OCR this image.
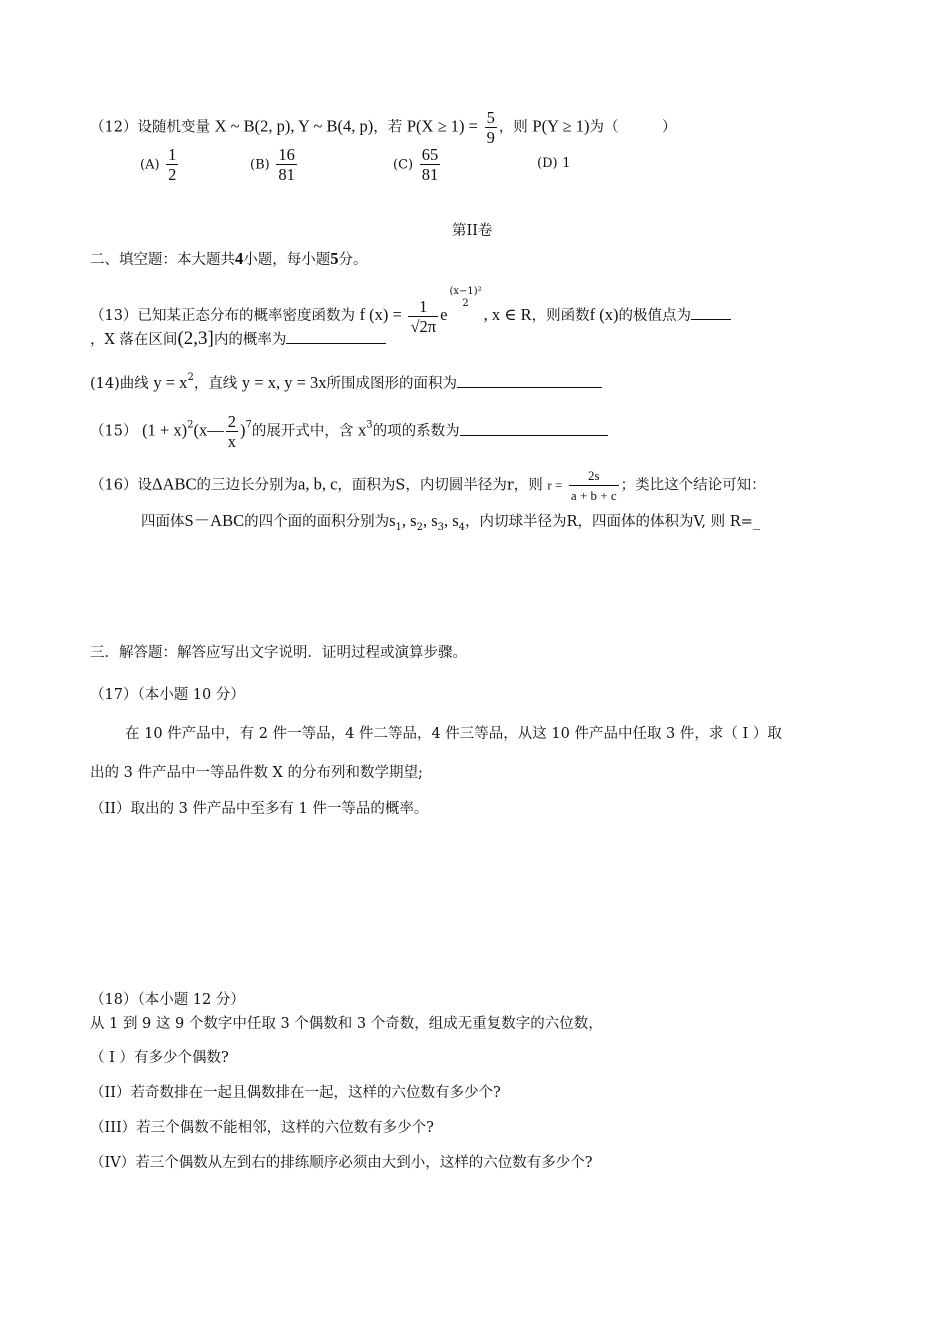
（12）设随机变量 X ~ B(2, p), Y ~ B(4, p)，若 $P(X \ge 1) = \frac{5}{9}$ ，则 P(Y ≥ 1)为（　　　）
$(A) \frac{1}{2}$	$(B) \frac{16}{81}$	$(C) \frac{65}{81}$	(D) 1
第II卷
二、填空题：本大题共4小题，每小题5分。
（13）已知某正态分布的概率密度函数为 f $(x) = \frac{1}{√2\pi}$ e
(x−1)²
2
, x ∈ R，则函数f (x)的极值点为
，X 落在区间(2,3]内的概率为
(14)曲线 $y = x^2$，直线 y = x, y = 3x所围成图形的面积为
（15） $(1 + x)^2(x— \frac{2}{x} )^7$的展开式中，含 $x^3$的项的系数为
（16）设ΔABC的三边长分别为a, b, c，面积为S，内切圆半径为r，则 $r = \frac{2s}{a + b + c}$ ；类比这个结论可知：
四面体S－ABC的四个面的面积分别为$s_1$, $s_2$, $s_3$, $s_4$，内切球半径为R，四面体的体积为V, 则 R=_
三．解答题：解答应写出文字说明．证明过程或演算步骤。
（17）（本小题 10 分）
在 10 件产品中，有 2 件一等品，4 件二等品，4 件三等品，从这 10 件产品中任取 3 件，求（ I ）取
出的 3 件产品中一等品件数 X 的分布列和数学期望;
（II）取出的 3 件产品中至多有 1 件一等品的概率。
（18）（本小题 12 分）
从 1 到 9 这 9 个数字中任取 3 个偶数和 3 个奇数，组成无重复数字的六位数，
（ I ）有多少个偶数?
（II）若奇数排在一起且偶数排在一起，这样的六位数有多少个?
（III）若三个偶数不能相邻，这样的六位数有多少个?
（IV）若三个偶数从左到右的排练顺序必须由大到小，这样的六位数有多少个?
